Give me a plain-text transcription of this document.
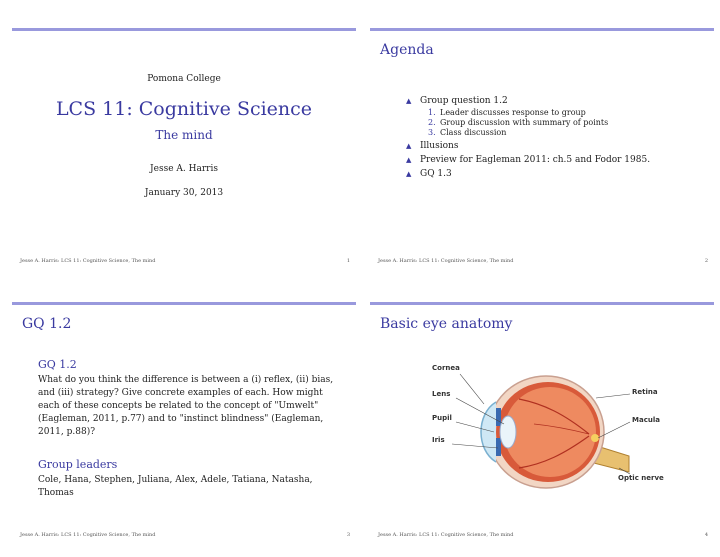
Pomona College
LCS 11: Cognitive Science
The mind
Jesse A. Harris
January 30, 2013
Jesse A. Harris: LCS 11: Cognitive Science, The mind	1
Agenda
▲ Group question 1.2
1. Leader discusses response to group
2. Group discussion with summary of points
3. Class discussion
▲ Illusions
▲ Preview for Eagleman 2011: ch.5 and Fodor 1985.
▲ GQ 1.3
Jesse A. Harris: LCS 11: Cognitive Science, The mind	2
GQ 1.2
GQ 1.2
What do you think the difference is between a (i) reflex, (ii) bias, and (iii) strategy? Give concrete examples of each. How might each of these concepts be related to the concept of "Umwelt" (Eagleman, 2011, p.77) and to "instinct blindness" (Eagleman, 2011, p.88)?
Group leaders
Cole, Hana, Stephen, Juliana, Alex, Adele, Tatiana, Natasha, Thomas
Jesse A. Harris: LCS 11: Cognitive Science, The mind	3
Basic eye anatomy
Cornea
Lens
Pupil
Iris
Retina
Macula
Optic nerve
Jesse A. Harris: LCS 11: Cognitive Science, The mind	4
